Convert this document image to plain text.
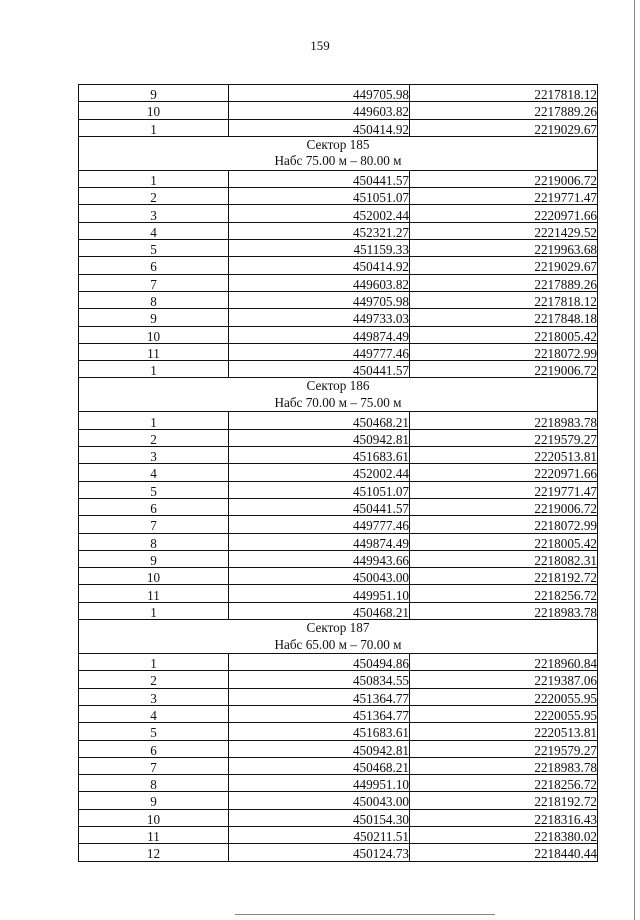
159
9	449705.98	2217818.12
10	449603.82	2217889.26
1	450414.92	2219029.67

Сектор 185
Набс 75.00 м – 80.00 м		

1	450441.57	2219006.72
2	451051.07	2219771.47
3	452002.44	2220971.66
4	452321.27	2221429.52
5	451159.33	2219963.68
6	450414.92	2219029.67
7	449603.82	2217889.26
8	449705.98	2217818.12
9	449733.03	2217848.18
10	449874.49	2218005.42
11	449777.46	2218072.99
1	450441.57	2219006.72

Сектор 186
Набс 70.00 м – 75.00 м		

1	450468.21	2218983.78
2	450942.81	2219579.27
3	451683.61	2220513.81
4	452002.44	2220971.66
5	451051.07	2219771.47
6	450441.57	2219006.72
7	449777.46	2218072.99
8	449874.49	2218005.42
9	449943.66	2218082.31
10	450043.00	2218192.72
11	449951.10	2218256.72
1	450468.21	2218983.78

Сектор 187
Набс 65.00 м – 70.00 м		

1	450494.86	2218960.84
2	450834.55	2219387.06
3	451364.77	2220055.95
4	451364.77	2220055.95
5	451683.61	2220513.81
6	450942.81	2219579.27
7	450468.21	2218983.78
8	449951.10	2218256.72
9	450043.00	2218192.72
10	450154.30	2218316.43
11	450211.51	2218380.02
12	450124.73	2218440.44
